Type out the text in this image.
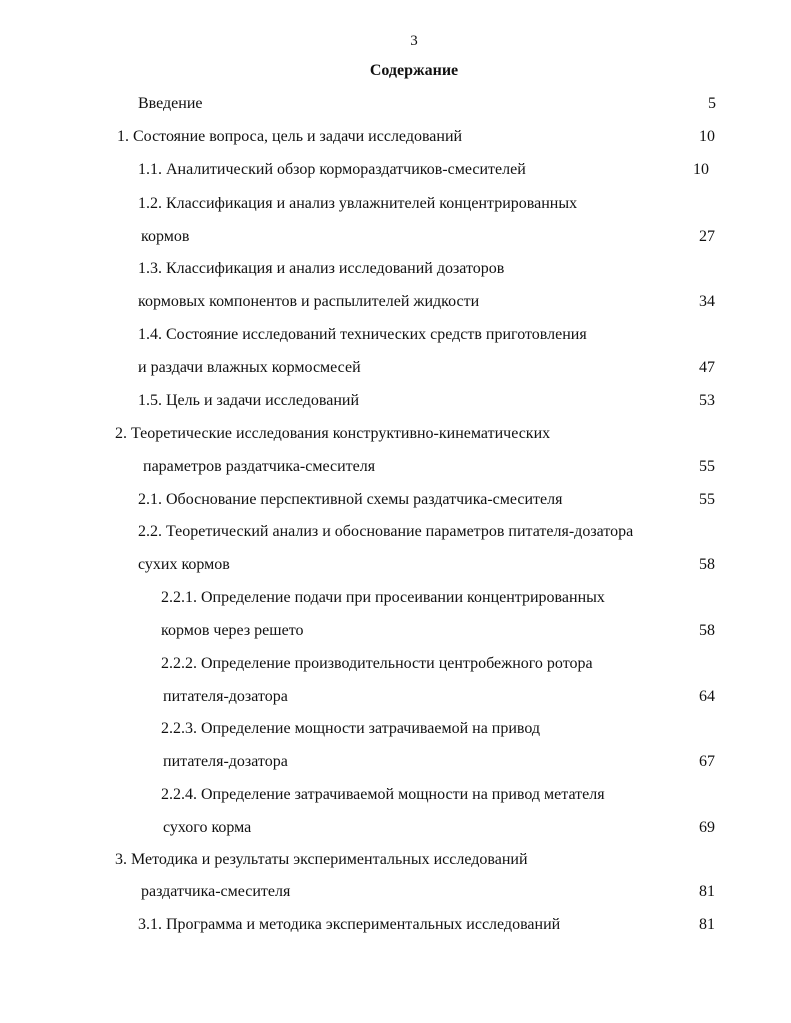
3
Содержание
Введение	5
1. Состояние вопроса, цель и задачи исследований	10
1.1. Аналитический обзор кормораздатчиков-смесителей	10
1.2. Классификация и анализ увлажнителей концентрированных
кормов	27
1.3. Классификация и анализ исследований дозаторов
кормовых компонентов и распылителей жидкости	34
1.4. Состояние исследований технических средств приготовления
и раздачи влажных кормосмесей	47
1.5. Цель и задачи исследований	53
2. Теоретические исследования конструктивно-кинематических
параметров раздатчика-смесителя	55
2.1. Обоснование перспективной схемы раздатчика-смесителя	55
2.2. Теоретический анализ и обоснование параметров питателя-дозатора
сухих кормов	58
2.2.1. Определение подачи при просеивании концентрированных
кормов через решето	58
2.2.2. Определение производительности центробежного ротора
питателя-дозатора	64
2.2.3. Определение мощности затрачиваемой на привод
питателя-дозатора	67
2.2.4. Определение затрачиваемой мощности на привод метателя
сухого корма	69
3. Методика и результаты экспериментальных исследований
раздатчика-смесителя	81
3.1. Программа и методика экспериментальных исследований	81
